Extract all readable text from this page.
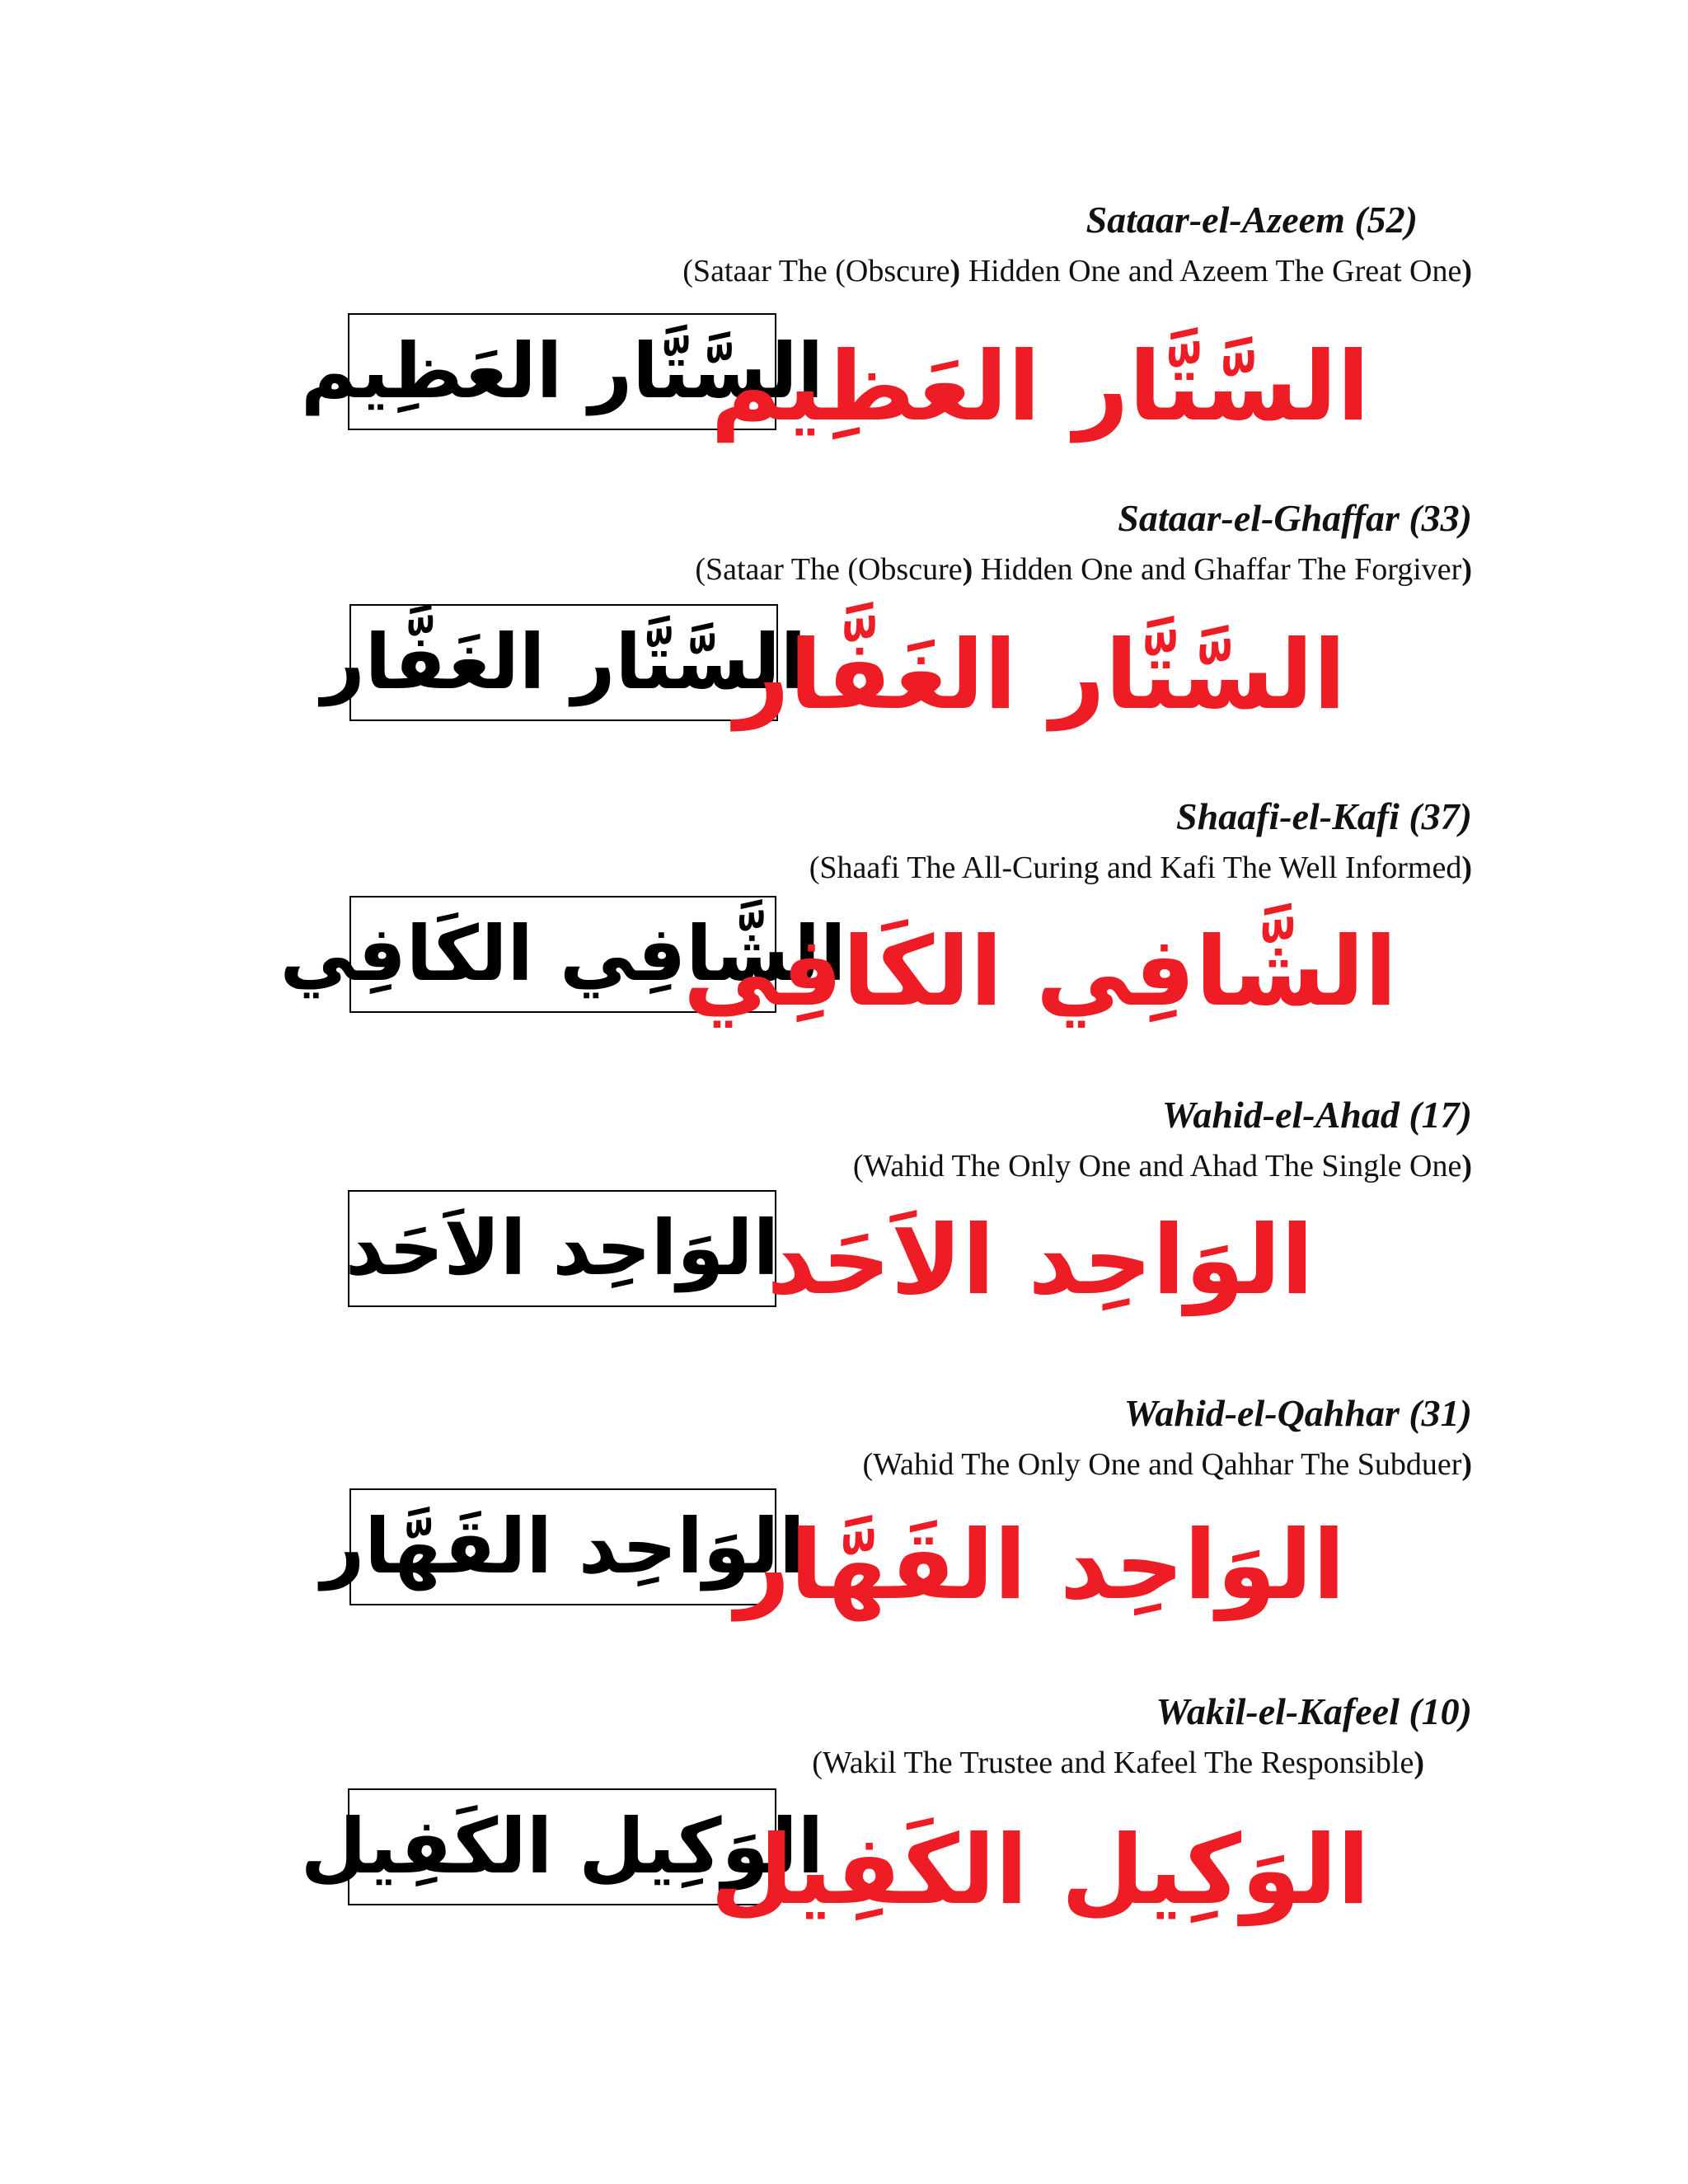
Sataar-el-Azeem (52)
(Sataar The (Obscure) Hidden One and Azeem The Great One)
السَّتَّار العَظِيم
السَّتَّار العَظِيم
Sataar-el-Ghaffar (33)
(Sataar The (Obscure) Hidden One and Ghaffar The Forgiver)
السَّتَّار الغَفَّار
السَّتَّار الغَفَّار
Shaafi-el-Kafi (37)
(Shaafi The All-Curing and Kafi The Well Informed)
الشَّافِي الكَافِي
الشَّافِي الكَافِي
Wahid-el-Ahad (17)
(Wahid The Only One and Ahad The Single One)
الوَاحِد الاَحَد
الوَاحِد الاَحَد
Wahid-el-Qahhar (31)
(Wahid The Only One and Qahhar The Subduer)
الوَاحِد القَهَّار
الوَاحِد القَهَّار
Wakil-el-Kafeel (10)
(Wakil The Trustee and Kafeel The Responsible)
الوَكِيل الكَفِيل
الوَكِيل الكَفِيل
